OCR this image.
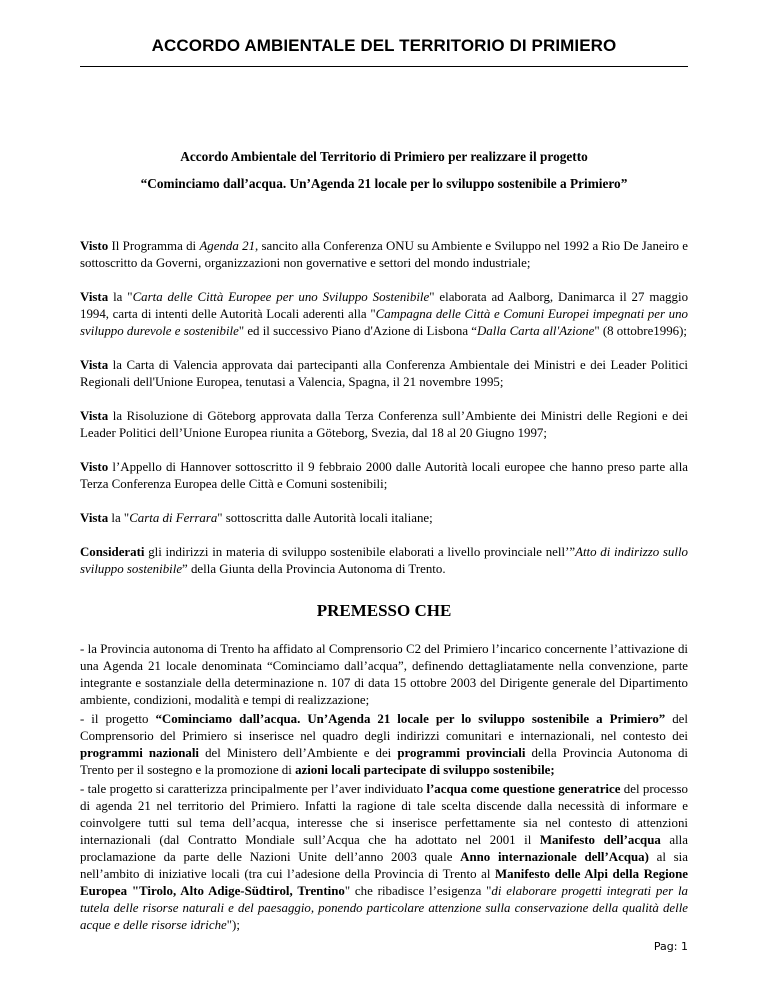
ACCORDO AMBIENTALE DEL TERRITORIO DI PRIMIERO

Accordo Ambientale del Territorio di Primiero per realizzare il progetto

“Cominciamo dall’acqua. Un’Agenda 21 locale per lo sviluppo sostenibile a Primiero”

Visto Il Programma di Agenda 21, sancito alla Conferenza ONU su Ambiente e Sviluppo nel 1992 a Rio De Janeiro e sottoscritto da Governi, organizzazioni non governative e settori del mondo industriale;

Vista la "Carta delle Città Europee per uno Sviluppo Sostenibile" elaborata ad Aalborg, Danimarca il 27 maggio 1994, carta di intenti delle Autorità Locali aderenti alla "Campagna delle Città e Comuni Europei impegnati per uno sviluppo durevole e sostenibile" ed il successivo Piano d'Azione di Lisbona “Dalla Carta all'Azione" (8 ottobre1996);

Vista la Carta di Valencia approvata dai partecipanti alla Conferenza Ambientale dei Ministri e dei Leader Politici Regionali dell'Unione Europea, tenutasi a Valencia, Spagna, il 21 novembre 1995;

Vista la Risoluzione di Göteborg approvata dalla Terza Conferenza sull’Ambiente dei Ministri delle Regioni e dei Leader Politici dell’Unione Europea riunita a Göteborg, Svezia, dal 18 al 20 Giugno 1997;

Visto l’Appello di Hannover sottoscritto il 9 febbraio 2000 dalle Autorità locali europee che hanno preso parte alla Terza Conferenza Europea delle Città e Comuni sostenibili;

Vista la "Carta di Ferrara" sottoscritta dalle Autorità locali italiane;

Considerati gli indirizzi in materia di sviluppo sostenibile elaborati a livello provinciale nell’”Atto di indirizzo sullo sviluppo sostenibile” della Giunta della Provincia Autonoma di Trento.

PREMESSO CHE

- la Provincia autonoma di Trento ha affidato al Comprensorio C2 del Primiero l’incarico concernente l’attivazione di una Agenda 21 locale denominata “Cominciamo dall’acqua”, definendo dettagliatamente nella convenzione, parte integrante e sostanziale della determinazione n. 107 di data 15 ottobre 2003 del Dirigente generale del Dipartimento ambiente, condizioni, modalità e tempi di realizzazione;

- il progetto “Cominciamo dall’acqua. Un’Agenda 21 locale per lo sviluppo sostenibile a Primiero” del Comprensorio del Primiero si inserisce nel quadro degli indirizzi comunitari e internazionali, nel contesto dei programmi nazionali del Ministero dell’Ambiente e dei programmi provinciali della Provincia Autonoma di Trento per il sostegno e la promozione di azioni locali partecipate di sviluppo sostenibile;

- tale progetto si caratterizza principalmente per l’aver individuato l’acqua come questione generatrice del processo di agenda 21 nel territorio del Primiero. Infatti la ragione di tale scelta discende dalla necessità di informare e coinvolgere tutti sul tema dell’acqua, interesse che si inserisce perfettamente sia nel contesto di attenzioni internazionali (dal Contratto Mondiale sull’Acqua che ha adottato nel 2001 il Manifesto dell’acqua alla proclamazione da parte delle Nazioni Unite dell’anno 2003 quale Anno internazionale dell’Acqua) al sia nell’ambito di iniziative locali (tra cui l’adesione della Provincia di Trento al Manifesto delle Alpi della Regione Europea "Tirolo, Alto Adige-Südtirol, Trentino" che ribadisce l’esigenza "di elaborare progetti integrati per la tutela delle risorse naturali e del paesaggio, ponendo particolare attenzione sulla conservazione della qualità delle acque e delle risorse idriche");

Pag: 1
